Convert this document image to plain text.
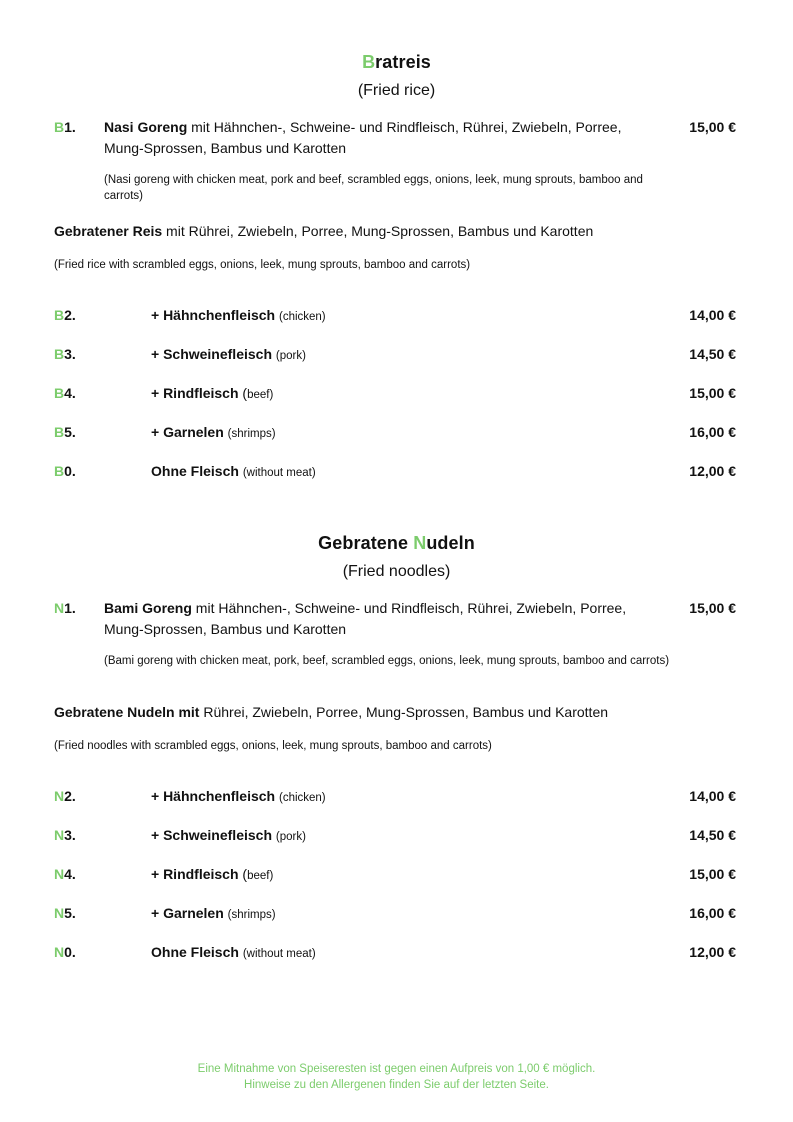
Bratreis
(Fried rice)
B1. Nasi Goreng mit Hähnchen-, Schweine- und Rindfleisch, Rührei, Zwiebeln, Porree, Mung-Sprossen, Bambus und Karotten
15,00 €
(Nasi goreng with chicken meat, pork and beef, scrambled eggs, onions, leek, mung sprouts, bamboo and carrots)
Gebratener Reis mit Rührei, Zwiebeln, Porree, Mung-Sprossen, Bambus und Karotten
(Fried rice with scrambled eggs, onions, leek, mung sprouts, bamboo and carrots)
B2.	+ Hähnchenfleisch (chicken)	14,00 €
B3.	+ Schweinefleisch (pork)	14,50 €
B4.	+ Rindfleisch (beef)	15,00 €
B5.	+ Garnelen (shrimps)	16,00 €
B0.	Ohne Fleisch (without meat)	12,00 €
Gebratene Nudeln
(Fried noodles)
N1. Bami Goreng mit Hähnchen-, Schweine- und Rindfleisch, Rührei, Zwiebeln, Porree, Mung-Sprossen, Bambus und Karotten
15,00 €
(Bami goreng with chicken meat, pork, beef, scrambled eggs, onions, leek, mung sprouts, bamboo and carrots)
Gebratene Nudeln mit Rührei, Zwiebeln, Porree, Mung-Sprossen, Bambus und Karotten
(Fried noodles with scrambled eggs, onions, leek, mung sprouts, bamboo and carrots)
N2.	+ Hähnchenfleisch (chicken)	14,00 €
N3.	+ Schweinefleisch (pork)	14,50 €
N4.	+ Rindfleisch (beef)	15,00 €
N5.	+ Garnelen (shrimps)	16,00 €
N0.	Ohne Fleisch (without meat)	12,00 €
Eine Mitnahme von Speiseresten ist gegen einen Aufpreis von 1,00 € möglich.
Hinweise zu den Allergenen finden Sie auf der letzten Seite.
